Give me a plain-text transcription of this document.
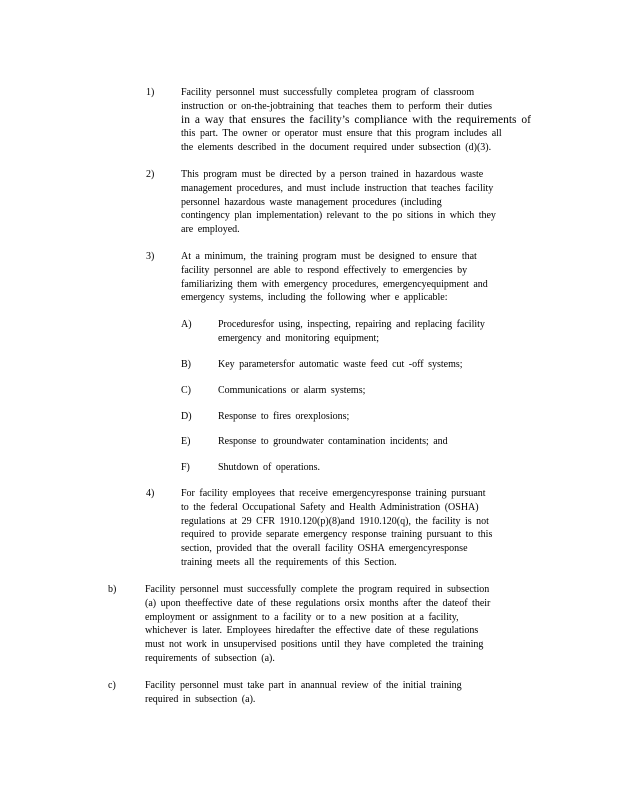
1)	Facility personnel must successfully completea program of classroom
instruction or on-the-jobtraining that teaches them to perform their duties
in a way that ensures the facility’s compliance with the requirements of
this part. The owner or operator must ensure that this program includes all
the elements described in the document required under subsection (d)(3).
2)	This program must be directed by a person trained in hazardous waste
management procedures, and must include instruction that teaches facility
personnel hazardous waste management procedures (including
contingency plan implementation) relevant to the po sitions in which they
are employed.
3)	At a minimum, the training program must be designed to ensure that
facility personnel are able to respond effectively to emergencies by
familiarizing them with emergency procedures, emergencyequipment and
emergency systems, including the following wher e applicable:
A)	Proceduresfor using, inspecting, repairing and replacing facility
emergency and monitoring equipment;
B)	Key parametersfor automatic waste feed cut -off systems;
C)	Communications or alarm systems;
D)	Response to fires orexplosions;
E)	Response to groundwater contamination incidents; and
F)	Shutdown of operations.
4)	For facility employees that receive emergencyresponse training pursuant
to the federal Occupational Safety and Health Administration (OSHA)
regulations at 29 CFR 1910.120(p)(8)and 1910.120(q), the facility is not
required to provide separate emergency response training pursuant to this
section, provided that the overall facility OSHA emergencyresponse
training meets all the requirements of this Section.
b)	Facility personnel must successfully complete the program required in subsection
(a) upon theeffective date of these regulations orsix months after the dateof their
employment or assignment to a facility or to a new position at a facility,
whichever is later. Employees hiredafter the effective date of these regulations
must not work in unsupervised positions until they have completed the training
requirements of subsection (a).
c)	Facility personnel must take part in anannual review of the initial training
required in subsection (a).
